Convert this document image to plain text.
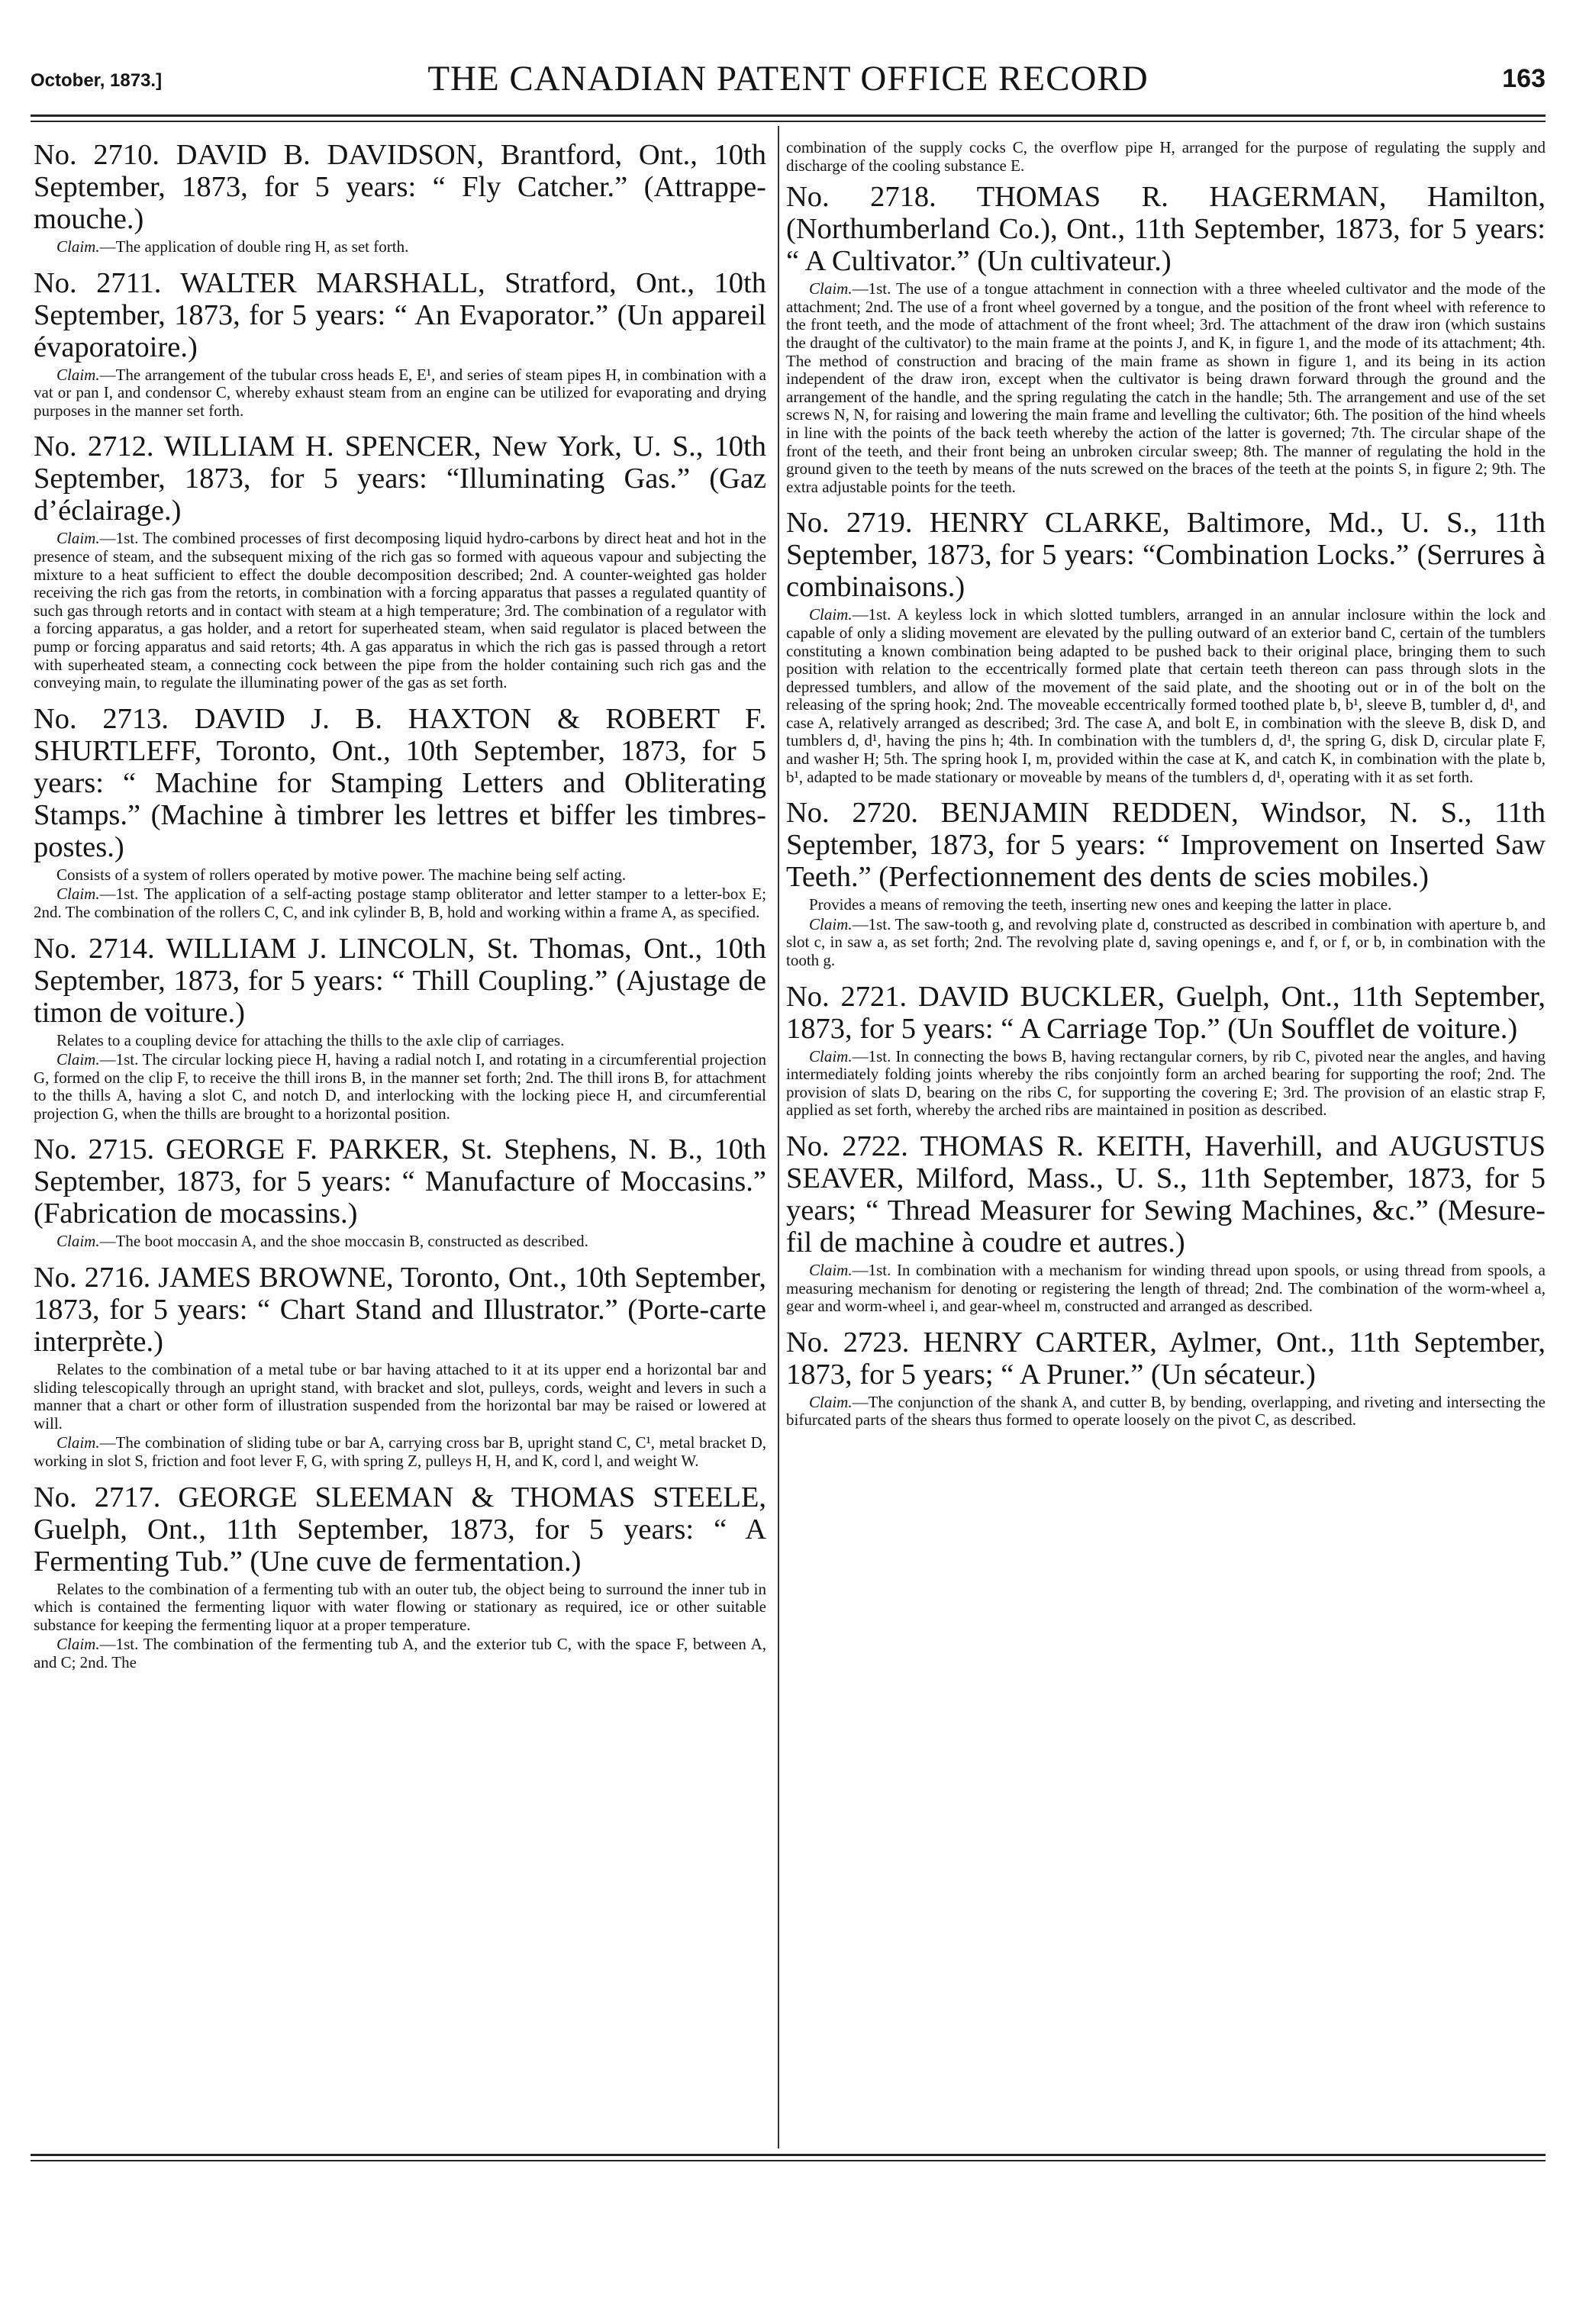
October, 1873.]	THE CANADIAN PATENT OFFICE RECORD	163
No. 2710. DAVID B. DAVIDSON, Brantford, Ont., 10th September, 1873, for 5 years: “ Fly Catcher.” (Attrappe-mouche.)
Claim.—The application of double ring H, as set forth.
No. 2711. WALTER MARSHALL, Stratford, Ont., 10th September, 1873, for 5 years: “ An Evaporator.” (Un appareil évaporatoire.)
Claim.—The arrangement of the tubular cross heads E, E¹, and series of steam pipes H, in combination with a vat or pan I, and condensor C, whereby exhaust steam from an engine can be utilized for evaporating and drying purposes in the manner set forth.
No. 2712. WILLIAM H. SPENCER, New York, U. S., 10th September, 1873, for 5 years: “Illuminating Gas.” (Gaz d’éclairage.)
Claim.—1st. The combined processes of first decomposing liquid hydro-carbons by direct heat and hot in the presence of steam, and the subsequent mixing of the rich gas so formed with aqueous vapour and subjecting the mixture to a heat sufficient to effect the double decomposition described; 2nd. A counter-weighted gas holder receiving the rich gas from the retorts, in combination with a forcing apparatus that passes a regulated quantity of such gas through retorts and in contact with steam at a high temperature; 3rd. The combination of a regulator with a forcing apparatus, a gas holder, and a retort for superheated steam, when said regulator is placed between the pump or forcing apparatus and said retorts; 4th. A gas apparatus in which the rich gas is passed through a retort with superheated steam, a connecting cock between the pipe from the holder containing such rich gas and the conveying main, to regulate the illuminating power of the gas as set forth.
No. 2713. DAVID J. B. HAXTON & ROBERT F. SHURTLEFF, Toronto, Ont., 10th September, 1873, for 5 years: “ Machine for Stamping Letters and Obliterating Stamps.” (Machine à timbrer les lettres et biffer les timbres-postes.)
Consists of a system of rollers operated by motive power. The machine being self acting.
Claim.—1st. The application of a self-acting postage stamp obliterator and letter stamper to a letter-box E; 2nd. The combination of the rollers C, C, and ink cylinder B, B, hold and working within a frame A, as specified.
No. 2714. WILLIAM J. LINCOLN, St. Thomas, Ont., 10th September, 1873, for 5 years: “ Thill Coupling.” (Ajustage de timon de voiture.)
Relates to a coupling device for attaching the thills to the axle clip of carriages.
Claim.—1st. The circular locking piece H, having a radial notch I, and rotating in a circumferential projection G, formed on the clip F, to receive the thill irons B, in the manner set forth; 2nd. The thill irons B, for attachment to the thills A, having a slot C, and notch D, and interlocking with the locking piece H, and circumferential projection G, when the thills are brought to a horizontal position.
No. 2715. GEORGE F. PARKER, St. Stephens, N. B., 10th September, 1873, for 5 years: “ Manufacture of Moccasins.” (Fabrication de mocassins.)
Claim.—The boot moccasin A, and the shoe moccasin B, constructed as described.
No. 2716. JAMES BROWNE, Toronto, Ont., 10th September, 1873, for 5 years: “ Chart Stand and Illustrator.” (Porte-carte interprète.)
Relates to the combination of a metal tube or bar having attached to it at its upper end a horizontal bar and sliding telescopically through an upright stand, with bracket and slot, pulleys, cords, weight and levers in such a manner that a chart or other form of illustration suspended from the horizontal bar may be raised or lowered at will.
Claim.—The combination of sliding tube or bar A, carrying cross bar B, upright stand C, C¹, metal bracket D, working in slot S, friction and foot lever F, G, with spring Z, pulleys H, H, and K, cord l, and weight W.
No. 2717. GEORGE SLEEMAN & THOMAS STEELE, Guelph, Ont., 11th September, 1873, for 5 years: “ A Fermenting Tub.” (Une cuve de fermentation.)
Relates to the combination of a fermenting tub with an outer tub, the object being to surround the inner tub in which is contained the fermenting liquor with water flowing or stationary as required, ice or other suitable substance for keeping the fermenting liquor at a proper temperature.
Claim.—1st. The combination of the fermenting tub A, and the exterior tub C, with the space F, between A, and C; 2nd. The
combination of the supply cocks C, the overflow pipe H, arranged for the purpose of regulating the supply and discharge of the cooling substance E.
No. 2718. THOMAS R. HAGERMAN, Hamilton, (Northumberland Co.), Ont., 11th September, 1873, for 5 years: “ A Cultivator.” (Un cultivateur.)
Claim.—1st. The use of a tongue attachment in connection with a three wheeled cultivator and the mode of the attachment; 2nd. The use of a front wheel governed by a tongue, and the position of the front wheel with reference to the front teeth, and the mode of attachment of the front wheel; 3rd. The attachment of the draw iron (which sustains the draught of the cultivator) to the main frame at the points J, and K, in figure 1, and the mode of its attachment; 4th. The method of construction and bracing of the main frame as shown in figure 1, and its being in its action independent of the draw iron, except when the cultivator is being drawn forward through the ground and the arrangement of the handle, and the spring regulating the catch in the handle; 5th. The arrangement and use of the set screws N, N, for raising and lowering the main frame and levelling the cultivator; 6th. The position of the hind wheels in line with the points of the back teeth whereby the action of the latter is governed; 7th. The circular shape of the front of the teeth, and their front being an unbroken circular sweep; 8th. The manner of regulating the hold in the ground given to the teeth by means of the nuts screwed on the braces of the teeth at the points S, in figure 2; 9th. The extra adjustable points for the teeth.
No. 2719. HENRY CLARKE, Baltimore, Md., U. S., 11th September, 1873, for 5 years: “Combination Locks.” (Serrures à combinaisons.)
Claim.—1st. A keyless lock in which slotted tumblers, arranged in an annular inclosure within the lock and capable of only a sliding movement are elevated by the pulling outward of an exterior band C, certain of the tumblers constituting a known combination being adapted to be pushed back to their original place, bringing them to such position with relation to the eccentrically formed plate that certain teeth thereon can pass through slots in the depressed tumblers, and allow of the movement of the said plate, and the shooting out or in of the bolt on the releasing of the spring hook; 2nd. The moveable eccentrically formed toothed plate b, b¹, sleeve B, tumbler d, d¹, and case A, relatively arranged as described; 3rd. The case A, and bolt E, in combination with the sleeve B, disk D, and tumblers d, d¹, having the pins h; 4th. In combination with the tumblers d, d¹, the spring G, disk D, circular plate F, and washer H; 5th. The spring hook I, m, provided within the case at K, and catch K, in combination with the plate b, b¹, adapted to be made stationary or moveable by means of the tumblers d, d¹, operating with it as set forth.
No. 2720. BENJAMIN REDDEN, Windsor, N. S., 11th September, 1873, for 5 years: “ Improvement on Inserted Saw Teeth.” (Perfectionnement des dents de scies mobiles.)
Provides a means of removing the teeth, inserting new ones and keeping the latter in place.
Claim.—1st. The saw-tooth g, and revolving plate d, constructed as described in combination with aperture b, and slot c, in saw a, as set forth; 2nd. The revolving plate d, saving openings e, and f, or f, or b, in combination with the tooth g.
No. 2721. DAVID BUCKLER, Guelph, Ont., 11th September, 1873, for 5 years: “ A Carriage Top.” (Un Soufflet de voiture.)
Claim.—1st. In connecting the bows B, having rectangular corners, by rib C, pivoted near the angles, and having intermediately folding joints whereby the ribs conjointly form an arched bearing for supporting the roof; 2nd. The provision of slats D, bearing on the ribs C, for supporting the covering E; 3rd. The provision of an elastic strap F, applied as set forth, whereby the arched ribs are maintained in position as described.
No. 2722. THOMAS R. KEITH, Haverhill, and AUGUSTUS SEAVER, Milford, Mass., U. S., 11th September, 1873, for 5 years; “ Thread Measurer for Sewing Machines, &c.” (Mesure-fil de machine à coudre et autres.)
Claim.—1st. In combination with a mechanism for winding thread upon spools, or using thread from spools, a measuring mechanism for denoting or registering the length of thread; 2nd. The combination of the worm-wheel a, gear and worm-wheel i, and gear-wheel m, constructed and arranged as described.
No. 2723. HENRY CARTER, Aylmer, Ont., 11th September, 1873, for 5 years; “ A Pruner.” (Un sécateur.)
Claim.—The conjunction of the shank A, and cutter B, by bending, overlapping, and riveting and intersecting the bifurcated parts of the shears thus formed to operate loosely on the pivot C, as described.
